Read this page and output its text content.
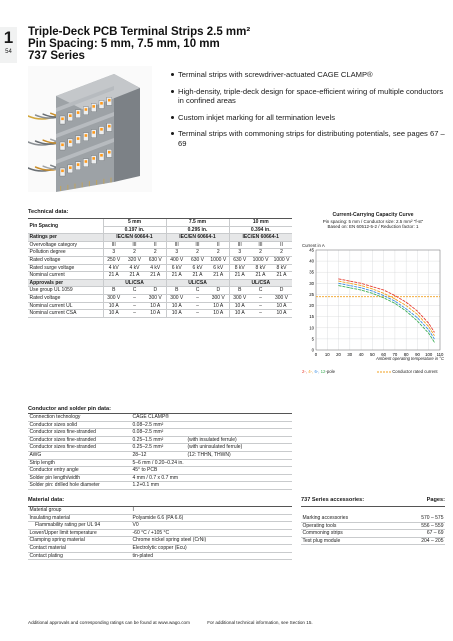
1
54
Triple-Deck PCB Terminal Strips 2.5 mm²
Pin Spacing: 5 mm, 7.5 mm, 10 mm
737 Series
Terminal strips with screwdriver-actuated CAGE CLAMP®
High-density, triple-deck design for space-efficient wiring of multiple conductors in confined areas
Custom inkjet marking for all termination levels
Terminal strips with commoning strips for distributing potentials, see pages 67 – 69
Technical data:
Pin Spacing	5 mm			7.5 mm			10 mm		
	0.197 in.			0.295 in.			0.394 in.		
Ratings per	IEC/EN 60664-1			IEC/EN 60664-1			IEC/EN 60664-1		
Overvoltage category	III	III	II	III	III	II	III	III	II
Pollution degree	3	2	2	3	2	2	3	2	2
Rated voltage	250 V	320 V	630 V	400 V	630 V	1000 V	630 V	1000 V	1000 V
Rated surge voltage	4 kV	4 kV	4 kV	6 kV	6 kV	6 kV	8 kV	8 kV	8 kV
Nominal current	21 A	21 A	21 A	21 A	21 A	21 A	21 A	21 A	21 A
Approvals per	UL/CSA			UL/CSA			UL/CSA		
Use group UL 1059	B	C	D	B	C	D	B	C	D
Rated voltage	300 V	–	300 V	300 V	–	300 V	300 V	–	300 V
Nominal current UL	10 A	–	10 A	10 A	–	10 A	10 A	–	10 A
Nominal current CSA	10 A	–	10 A	10 A	–	10 A	10 A	–	10 A
Conductor and solder pin data:
Connection technology	CAGE CLAMP®	
Conductor sizes solid	0.08–2.5 mm²	
Conductor sizes fine-stranded	0.08–2.5 mm²	
Conductor sizes fine-stranded	0.25–1.5 mm²	(with insulated ferrule)
Conductor sizes fine-stranded	0.25–2.5 mm²	(with uninsulated ferrule)
AWG	28–12	(12: THHN, THWN)
Strip length	5–6 mm / 0.20–0.24 in.	
Conductor entry angle	45° to PCB	
Solder pin length/width	4 mm / 0.7 x 0.7 mm	
Solder pin: drilled hole diameter	1.2+0.1 mm	
Material data:
Material group	I
Insulating material	Polyamide 6.6 (PA 6.6)
Flammability rating per UL 94	V0
Lower/Upper limit temperature	-60 °C / +105 °C
Clamping spring material	Chrome nickel spring steel (CrNi)
Contact material	Electrolytic copper (Ecu)
Contact plating	tin-plated
737 Series accessories:	Pages:
Marking accessories	570 – 575
Operating tools	556 – 559
Commoning strips	67 – 69
Test plug module	204 – 205
Current-Carrying Capacity Curve
Pin spacing: 5 mm / Conductor size: 2.5 mm² "f-st"
Based on: EN 60512-5-2 / Reduction factor: 1
Current in A
0
5
10
15
20
25
30
35
40
45
0 10 20 30 40 50 60 70 80 90 100 110
Ambient operating temperature in °C
2-, 4-, 6-, 12-pole	Conductor rated current
Additional approvals and corresponding ratings can be found at www.wago.com	For additional technical information, see Section 15.
